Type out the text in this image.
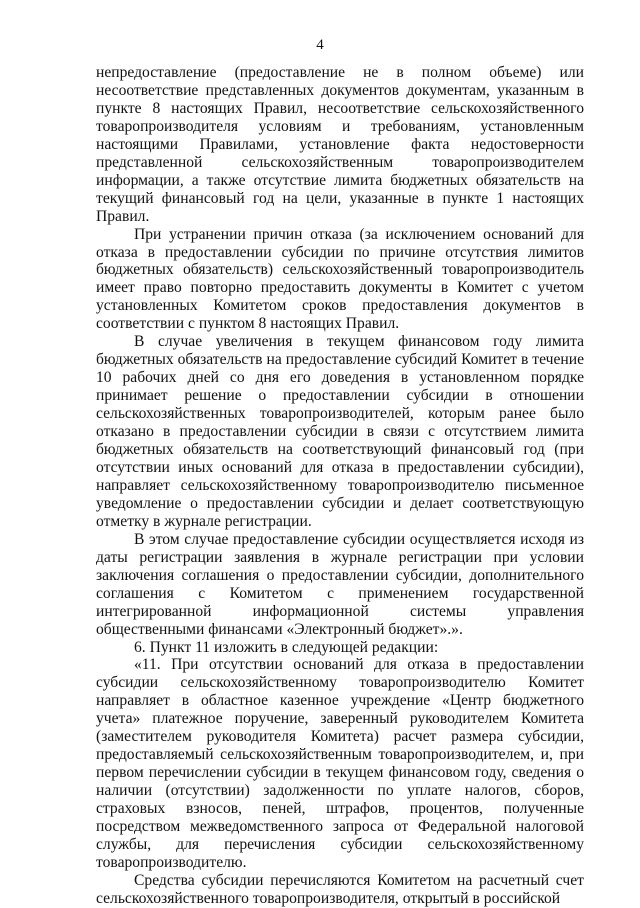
4

непредоставление (предоставление не в полном объеме) или несоответствие представленных документов документам, указанным в пункте 8 настоящих Правил, несоответствие сельскохозяйственного товаропроизводителя условиям и требованиям, установленным настоящими Правилами, установление факта недостоверности представленной сельскохозяйственным товаропроизводителем информации, а также отсутствие лимита бюджетных обязательств на текущий финансовый год на цели, указанные в пункте 1 настоящих Правил.

При устранении причин отказа (за исключением оснований для отказа в предоставлении субсидии по причине отсутствия лимитов бюджетных обязательств) сельскохозяйственный товаропроизводитель имеет право повторно предоставить документы в Комитет с учетом установленных Комитетом сроков предоставления документов в соответствии с пунктом 8 настоящих Правил.

В случае увеличения в текущем финансовом году лимита бюджетных обязательств на предоставление субсидий Комитет в течение 10 рабочих дней со дня его доведения в установленном порядке принимает решение о предоставлении субсидии в отношении сельскохозяйственных товаропроизводителей, которым ранее было отказано в предоставлении субсидии в связи с отсутствием лимита бюджетных обязательств на соответствующий финансовый год (при отсутствии иных оснований для отказа в предоставлении субсидии), направляет сельскохозяйственному товаропроизводителю письменное уведомление о предоставлении субсидии и делает соответствующую отметку в журнале регистрации.

В этом случае предоставление субсидии осуществляется исходя из даты регистрации заявления в журнале регистрации при условии заключения соглашения о предоставлении субсидии, дополнительного соглашения с Комитетом с применением государственной интегрированной информационной системы управления общественными финансами «Электронный бюджет».».

6. Пункт 11 изложить в следующей редакции:

«11. При отсутствии оснований для отказа в предоставлении субсидии сельскохозяйственному товаропроизводителю Комитет направляет в областное казенное учреждение «Центр бюджетного учета» платежное поручение, заверенный руководителем Комитета (заместителем руководителя Комитета) расчет размера субсидии, предоставляемый сельскохозяйственным товаропроизводителем, и, при первом перечислении субсидии в текущем финансовом году, сведения о наличии (отсутствии) задолженности по уплате налогов, сборов, страховых взносов, пеней, штрафов, процентов, полученные посредством межведомственного запроса от Федеральной налоговой службы, для перечисления субсидии сельскохозяйственному товаропроизводителю.

Средства субсидии перечисляются Комитетом на расчетный счет сельскохозяйственного товаропроизводителя, открытый в российской
